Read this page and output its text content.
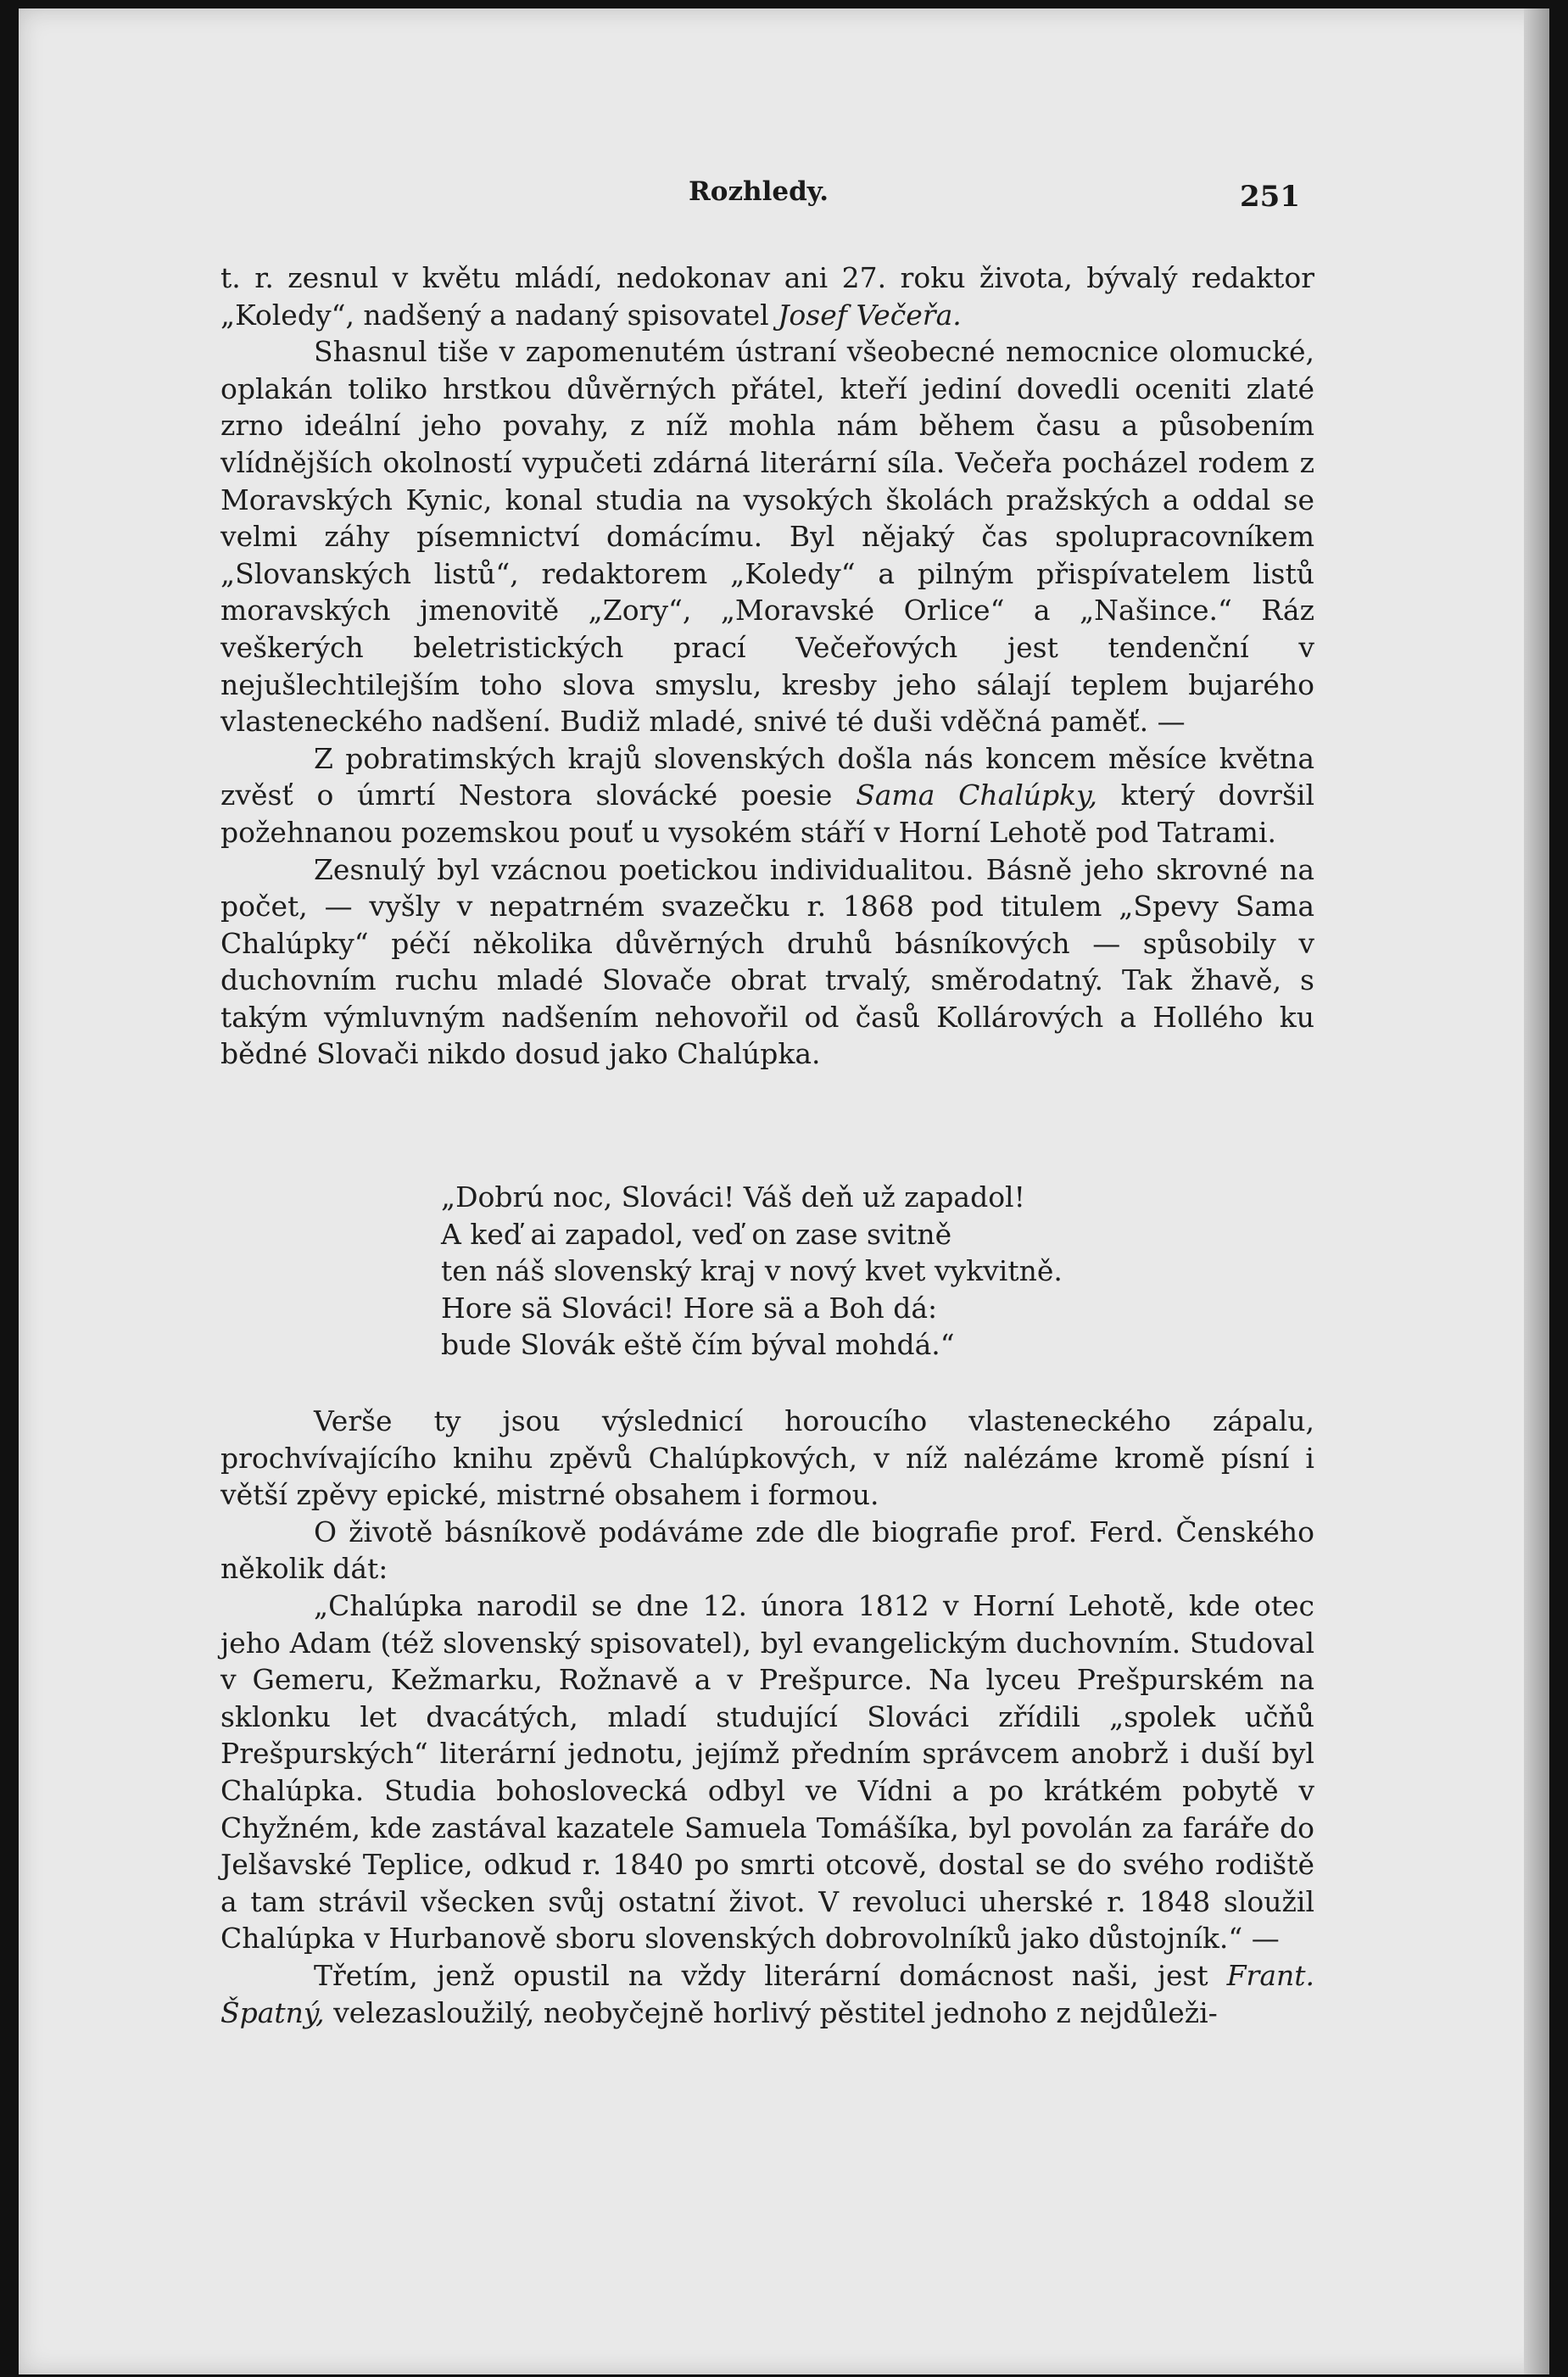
Rozhledy.	251

t. r. zesnul v květu mládí, nedokonav ani 27. roku života, bývalý redaktor „Koledy“, nadšený a nadaný spisovatel Josef Večeřa.

Shasnul tiše v zapomenutém ústraní všeobecné nemocnice olomucké, oplakán toliko hrstkou důvěrných přátel, kteří jediní dovedli oceniti zlaté zrno ideální jeho povahy, z níž mohla nám během času a působením vlídnějších okolností vypučeti zdárná literární síla. Večeřa pocházel rodem z Moravských Kynic, konal studia na vysokých školách pražských a oddal se velmi záhy písemnictví domácímu. Byl nějaký čas spolupracovníkem „Slovanských listů“, redaktorem „Koledy“ a pilným přispívatelem listů moravských jmenovitě „Zory“, „Moravské Orlice“ a „Našince.“ Ráz veškerých beletristických prací Večeřových jest tendenční v nejušlechtilejším toho slova smyslu, kresby jeho sálají teplem bujarého vlasteneckého nadšení. Budiž mladé, snivé té duši vděčná paměť. —

Z pobratimských krajů slovenských došla nás koncem měsíce května zvěsť o úmrtí Nestora slovácké poesie Sama Chalúpky, který dovršil požehnanou pozemskou pouť u vysokém stáří v Horní Lehotě pod Tatrami.

Zesnulý byl vzácnou poetickou individualitou. Básně jeho skrovné na počet, — vyšly v nepatrném svazečku r. 1868 pod titulem „Spevy Sama Chalúpky“ péčí několika důvěrných druhů básníkových — spůsobily v duchovním ruchu mladé Slovače obrat trvalý, směrodatný. Tak žhavě, s takým výmluvným nadšením nehovořil od časů Kollárových a Hollého ku bědné Slovači nikdo dosud jako Chalúpka.

„Dobrú noc, Slováci! Váš deň už zapadol!
A keď ai zapadol, veď on zase svitně
ten náš slovenský kraj v nový kvet vykvitně.
Hore sä Slováci! Hore sä a Boh dá:
bude Slovák eště čím býval mohdá.“

Verše ty jsou výslednicí horoucího vlasteneckého zápalu, prochvívajícího knihu zpěvů Chalúpkových, v níž nalézáme kromě písní i větší zpěvy epické, mistrné obsahem i formou.

O životě básníkově podáváme zde dle biografie prof. Ferd. Čenského několik dát:

„Chalúpka narodil se dne 12. února 1812 v Horní Lehotě, kde otec jeho Adam (též slovenský spisovatel), byl evangelickým duchovním. Studoval v Gemeru, Kežmarku, Rožnavě a v Prešpurce. Na lyceu Prešpurském na sklonku let dvacátých, mladí studující Slováci zřídili „spolek učňů Prešpurských“ literární jednotu, jejímž předním správcem anobrž i duší byl Chalúpka. Studia bohoslovecká odbyl ve Vídni a po krátkém pobytě v Chyžném, kde zastával kazatele Samuela Tomášíka, byl povolán za faráře do Jelšavské Teplice, odkud r. 1840 po smrti otcově, dostal se do svého rodiště a tam strávil všecken svůj ostatní život. V revoluci uherské r. 1848 sloužil Chalúpka v Hurbanově sboru slovenských dobrovolníků jako důstojník.“ —

Třetím, jenž opustil na vždy literární domácnost naši, jest Frant. Špatný, velezasloužilý, neobyčejně horlivý pěstitel jednoho z nejdůleži-
